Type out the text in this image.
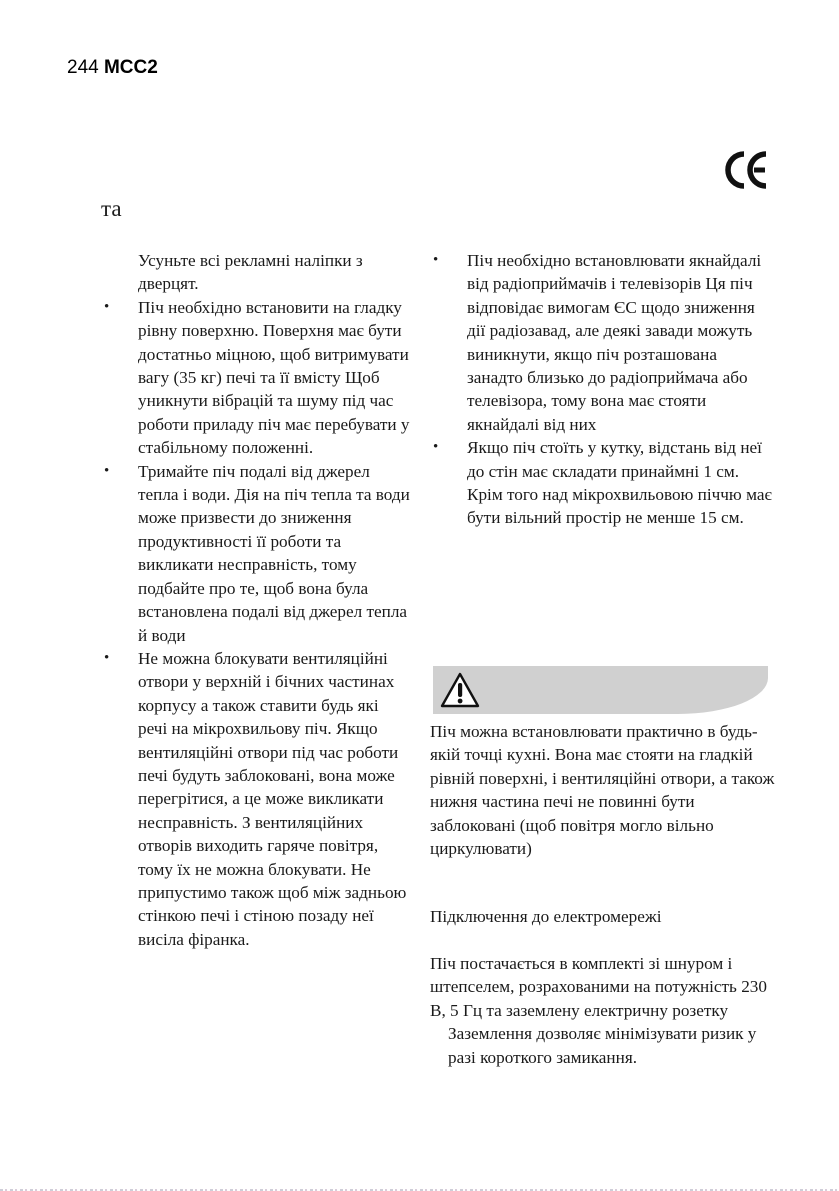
244 MCC2
та
Усуньте всі рекламні наліпки з дверцят.
• Піч необхідно встановити на гладку рівну поверхню. Поверхня має бути достатньо міцною, щоб витримувати вагу (35 кг) печі та її вмісту Щоб уникнути вібрацій та шуму під час роботи приладу піч має перебувати у стабільному положенні.
• Тримайте піч подалі від джерел тепла і води. Дія на піч тепла та води може призвести до зниження продуктивності її роботи та викликати несправність, тому подбайте про те, щоб вона була встановлена подалі від джерел тепла й води
• Не можна блокувати вентиляційні отвори у верхній і бічних частинах корпусу а також ставити будь які речі на мікрохвильову піч. Якщо вентиляційні отвори під час роботи печі будуть заблоковані, вона може перегрітися, а це може викликати несправність. З вентиляційних отворів виходить гаряче повітря, тому їх не можна блокувати. Не припустимо також щоб між задньою стінкою печі і стіною позаду неї висіла фіранка.
• Піч необхідно встановлювати якнайдалі від радіоприймачів і телевізорів Ця піч відповідає вимогам ЄС щодо зниження дії радіозавад, але деякі завади можуть виникнути, якщо піч розташована занадто близько до радіоприймача або телевізора, тому вона має стояти якнайдалі від них
• Якщо піч стоїть у кутку, відстань від неї до стін має складати принаймні 1 см. Крім того над мікрохвильовою піччю має бути вільний простір не менше 15 см.
Піч можна встановлювати практично в будь-якій точці кухні. Вона має стояти на гладкій рівній поверхні, і вентиляційні отвори, а також нижня частина печі не повинні бути заблоковані (щоб повітря могло вільно циркулювати)
Підключення до електромережі
Піч постачається в комплекті зі шнуром і штепселем, розрахованими на потужність 230 В, 5 Гц та заземлену електричну розетку
Заземлення дозволяє мінімізувати ризик у разі короткого замикання.
